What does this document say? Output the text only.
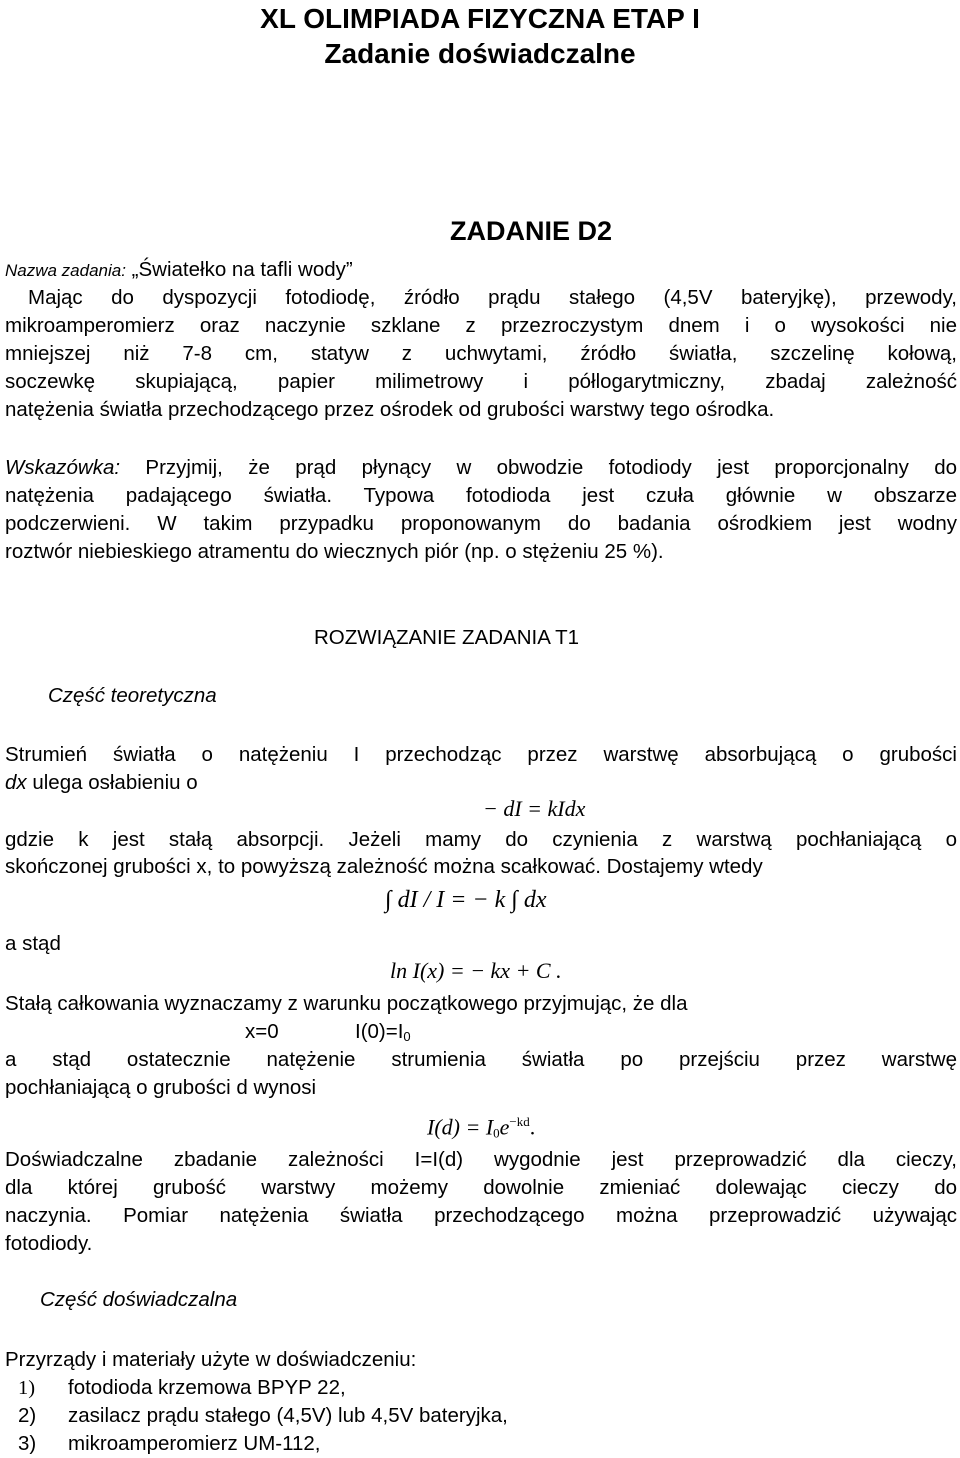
XL OLIMPIADA FIZYCZNA ETAP I
Zadanie doświadczalne
ZADANIE D2
Nazwa zadania: „Światełko na tafli wody”
Mając do dyspozycji fotodiodę, źródło prądu stałego (4,5V bateryjkę), przewody,
mikroamperomierz oraz naczynie szklane z przezroczystym dnem i o wysokości nie
mniejszej niż 7-8 cm, statyw z uchwytami, źródło światła, szczelinę kołową,
soczewkę skupiającą, papier milimetrowy i półlogarytmiczny, zbadaj zależność
natężenia światła przechodzącego przez ośrodek od grubości warstwy tego ośrodka.
Wskazówka: Przyjmij, że prąd płynący w obwodzie fotodiody jest proporcjonalny do
natężenia padającego światła. Typowa fotodioda jest czuła głównie w obszarze
podczerwieni. W takim przypadku proponowanym do badania ośrodkiem jest wodny
roztwór niebieskiego atramentu do wiecznych piór (np. o stężeniu 25 %).
ROZWIĄZANIE ZADANIA T1
Część teoretyczna
Strumień światła o natężeniu I przechodząc przez warstwę absorbującą o grubości
dx ulega osłabieniu o
− dI = kIdx
gdzie k jest stałą absorpcji. Jeżeli mamy do czynienia z warstwą pochłaniającą o
skończonej grubości x, to powyższą zależność można scałkować. Dostajemy wtedy
∫ dI / I = − k ∫ dx
a stąd
ln I(x) = − kx + C .
Stałą całkowania wyznaczamy z warunku początkowego przyjmując, że dla
x=0	$I(0)=I_0$
a stąd ostatecznie natężenie strumienia światła po przejściu przez warstwę
pochłaniającą o grubości d wynosi
$I(d) = I_0e^{-kd}$.
Doświadczalne zbadanie zależności I=I(d) wygodnie jest przeprowadzić dla cieczy,
dla której grubość warstwy możemy dowolnie zmieniać dolewając cieczy do
naczynia. Pomiar natężenia światła przechodzącego można przeprowadzić używając
fotodiody.
Część doświadczalna
Przyrządy i materiały użyte w doświadczeniu:
1) fotodioda krzemowa BPYP 22,
2) zasilacz prądu stałego (4,5V) lub 4,5V bateryjka,
3) mikroamperomierz UM-112,
